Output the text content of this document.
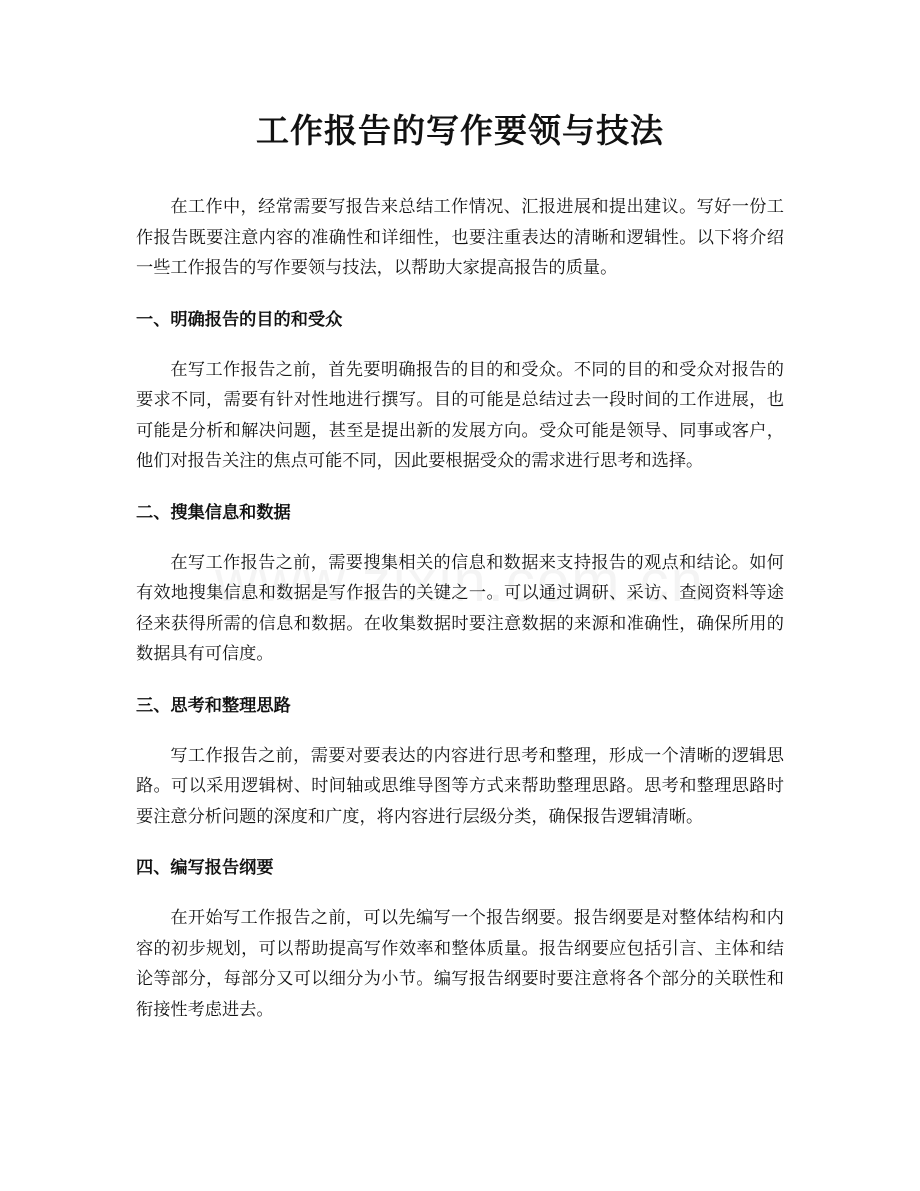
工作报告的写作要领与技法

在工作中，经常需要写报告来总结工作情况、汇报进展和提出建议。写好一份工作报告既要注意内容的准确性和详细性，也要注重表达的清晰和逻辑性。以下将介绍一些工作报告的写作要领与技法，以帮助大家提高报告的质量。

一、明确报告的目的和受众

在写工作报告之前，首先要明确报告的目的和受众。不同的目的和受众对报告的要求不同，需要有针对性地进行撰写。目的可能是总结过去一段时间的工作进展，也可能是分析和解决问题，甚至是提出新的发展方向。受众可能是领导、同事或客户，他们对报告关注的焦点可能不同，因此要根据受众的需求进行思考和选择。

二、搜集信息和数据

在写工作报告之前，需要搜集相关的信息和数据来支持报告的观点和结论。如何有效地搜集信息和数据是写作报告的关键之一。可以通过调研、采访、查阅资料等途径来获得所需的信息和数据。在收集数据时要注意数据的来源和准确性，确保所用的数据具有可信度。

三、思考和整理思路

写工作报告之前，需要对要表达的内容进行思考和整理，形成一个清晰的逻辑思路。可以采用逻辑树、时间轴或思维导图等方式来帮助整理思路。思考和整理思路时要注意分析问题的深度和广度，将内容进行层级分类，确保报告逻辑清晰。

四、编写报告纲要

在开始写工作报告之前，可以先编写一个报告纲要。报告纲要是对整体结构和内容的初步规划，可以帮助提高写作效率和整体质量。报告纲要应包括引言、主体和结论等部分，每部分又可以细分为小节。编写报告纲要时要注意将各个部分的关联性和衔接性考虑进去。
